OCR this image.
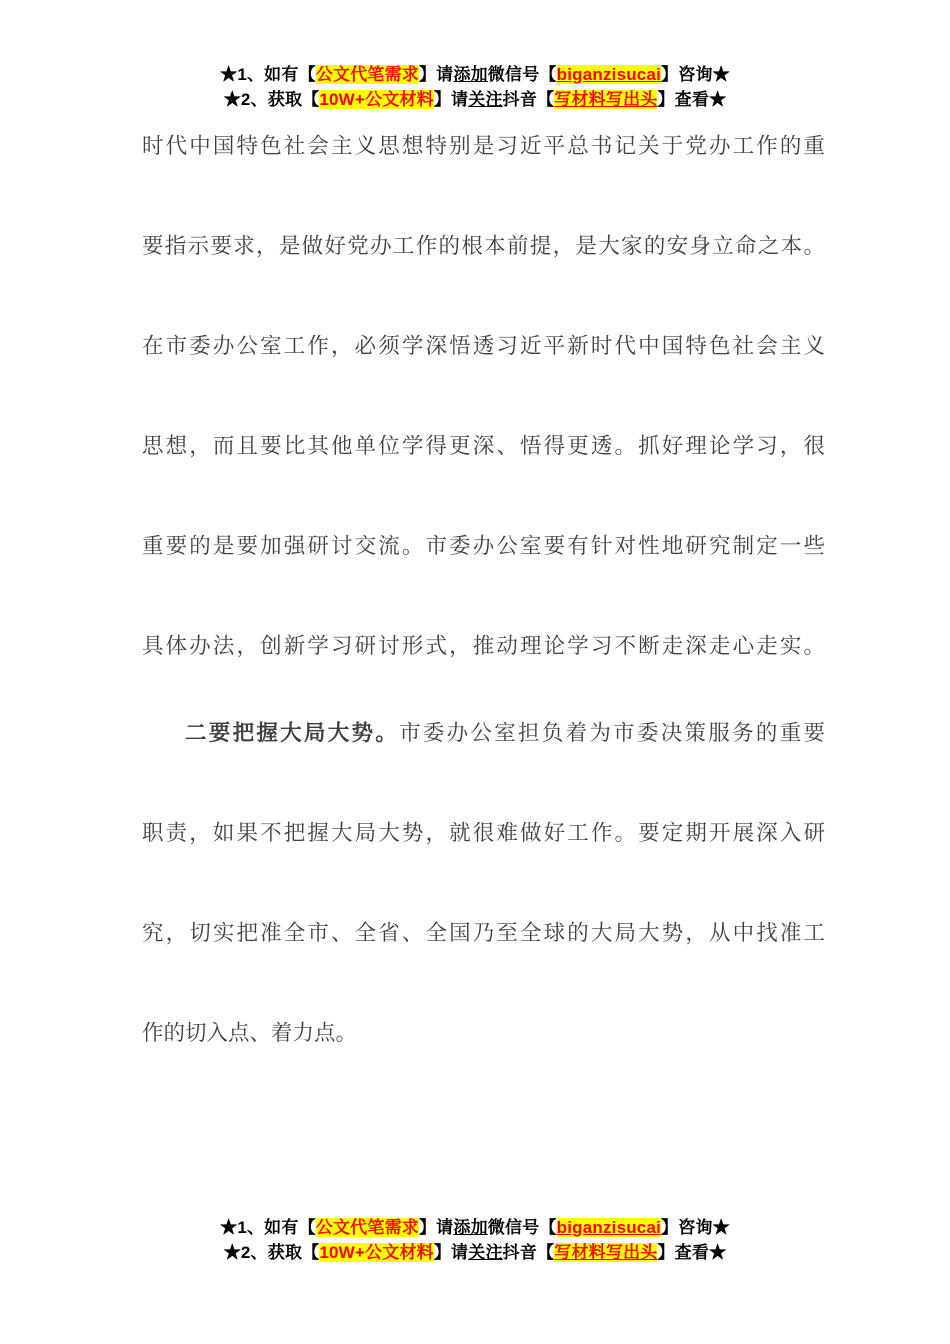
★1、如有【公文代笔需求】请添加微信号【biganzisucai】咨询★
★2、获取【10W+公文材料】请关注抖音【写材料写出头】查看★
时代中国特色社会主义思想特别是习近平总书记关于党办工作的重
要指示要求，是做好党办工作的根本前提，是大家的安身立命之本。
在市委办公室工作，必须学深悟透习近平新时代中国特色社会主义
思想，而且要比其他单位学得更深、悟得更透。抓好理论学习，很
重要的是要加强研讨交流。市委办公室要有针对性地研究制定一些
具体办法，创新学习研讨形式，推动理论学习不断走深走心走实。
二要把握大局大势。市委办公室担负着为市委决策服务的重要
职责，如果不把握大局大势，就很难做好工作。要定期开展深入研
究，切实把准全市、全省、全国乃至全球的大局大势，从中找准工
作的切入点、着力点。
★1、如有【公文代笔需求】请添加微信号【biganzisucai】咨询★
★2、获取【10W+公文材料】请关注抖音【写材料写出头】查看★
